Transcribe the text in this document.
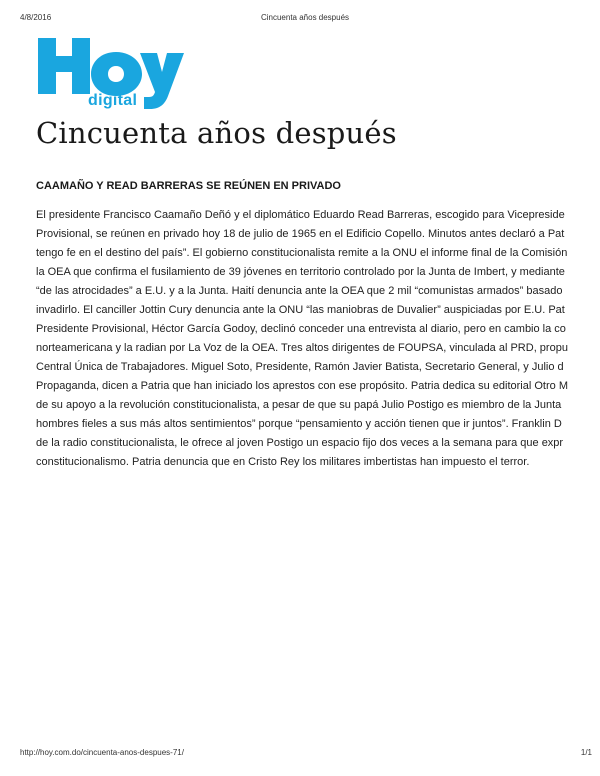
4/8/2016	Cincuenta años después
digital
Cincuenta años después
CAAMAÑO Y READ BARRERAS SE REÚNEN EN PRIVADO
El presidente Francisco Caamaño Deñó y el diplomático Eduardo Read Barreras, escogido para Vicepreside
Provisional, se reúnen en privado hoy 18 de julio de 1965 en el Edificio Copello. Minutos antes declaró a Pat
tengo fe en el destino del país”. El gobierno constitucionalista remite a la ONU el informe final de la Comisión
la OEA que confirma el fusilamiento de 39 jóvenes en territorio controlado por la Junta de Imbert, y mediante
“de las atrocidades” a E.U. y a la Junta. Haití denuncia ante la OEA que 2 mil “comunistas armados” basado
invadirlo. El canciller Jottin Cury denuncia ante la ONU “las maniobras de Duvalier” auspiciadas por E.U. Pat
Presidente Provisional, Héctor García Godoy, declinó conceder una entrevista al diario, pero en cambio la co
norteamericana y la radian por La Voz de la OEA. Tres altos dirigentes de FOUPSA, vinculada al PRD, propu
Central Única de Trabajadores. Miguel Soto, Presidente, Ramón Javier Batista, Secretario General, y Julio d
Propaganda, dicen a Patria que han iniciado los aprestos con ese propósito. Patria dedica su editorial Otro M
de su apoyo a la revolución constitucionalista, a pesar de que su papá Julio Postigo es miembro de la Junta
hombres fieles a sus más altos sentimientos” porque “pensamiento y acción tienen que ir juntos”. Franklin D
de la radio constitucionalista, le ofrece al joven Postigo un espacio fijo dos veces a la semana para que expr
constitucionalismo. Patria denuncia que en Cristo Rey los militares imbertistas han impuesto el terror.
http://hoy.com.do/cincuenta-anos-despues-71/	1/1
